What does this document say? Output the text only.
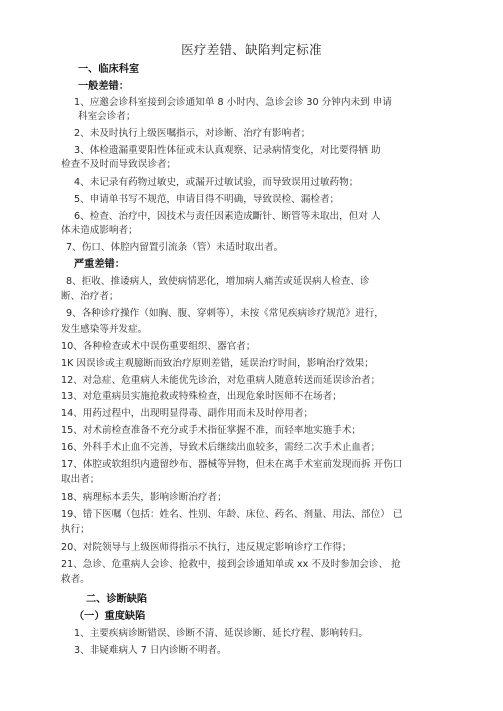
医疗差错、缺陷判定标准
一、临床科室
一般差错：
1、应邀会诊科室接到会诊通知单 8 小时内、急诊会诊 30 分钟内未到 申请
科室会诊者；
2、未及时执行上级医嘱指示，对诊断、治疗有影响者；
3、体检遗漏重要阳性体征或未认真观察、记录病情变化，对比要得牺 助
检查不及时而导致误诊者；
4、未记录有药物过敏史，或漏开过敏试验，而导致误用过敏药物；
5、申请单书写不规范，申请目得不明确，导致误检、漏检者；
6、检查、治疗中，因技术与责任因素造成斷针、断管等未取出，但对 人
体未造成影响者；
7、伤口、体腔内留置引流条（管）未适时取出者。
严重差错：
8、拒收、推诿病人，致使病情恶化，增加病人痛苦或延误病人检查、诊
断、治疗者；
9、各种诊疗操作（如胸、腹、穿刺等），未按《常见疾病诊疗规范》进行，
发生感染等并发症。
10、各种检查或术中误伤重要组织、器官者；
1K 因误诊或主观臆断而致治疗原则差错，延误治疗时间，影响治疗效果；
12、对急症、危重病人未能优先诊治，对危重病人随意转送而延误诊治者；
13、对危重病员实施抢救或特殊检查，出现危象时医师不在场者；
14、用药过程中，出现明显得毒、副作用而未及时停用者；
15、对术前检查准备不充分或手术指征掌握不准，而轻率地实施手术；
16、外科手术止血不完善，导致术后继续出血较多，需经二次手术止血者；
17、体腔或软组织内遗留纱布、器械等异物，但未在离手术室前发现而拆 开伤口
取出者；
18、病理标本丢失，影响诊断治疗者；
19、错下医嘱（包括：姓名、性别、年龄、床位、药名、剂量、用法、部位） 已
执行；
20、对院领导与上级医师得指示不执行，违反规定影响诊疗工作得；
21、急诊、危重病人会诊、抢救中，接到会诊通知单或 xx 不及时参加会诊、 抢
救者。
二、诊断缺陷
（一）重度缺陷
1、主要疾病诊断错误、诊断不清、延误诊断、延长疗程、影响转归。
3、非疑难病人 7 日内诊断不明者。
